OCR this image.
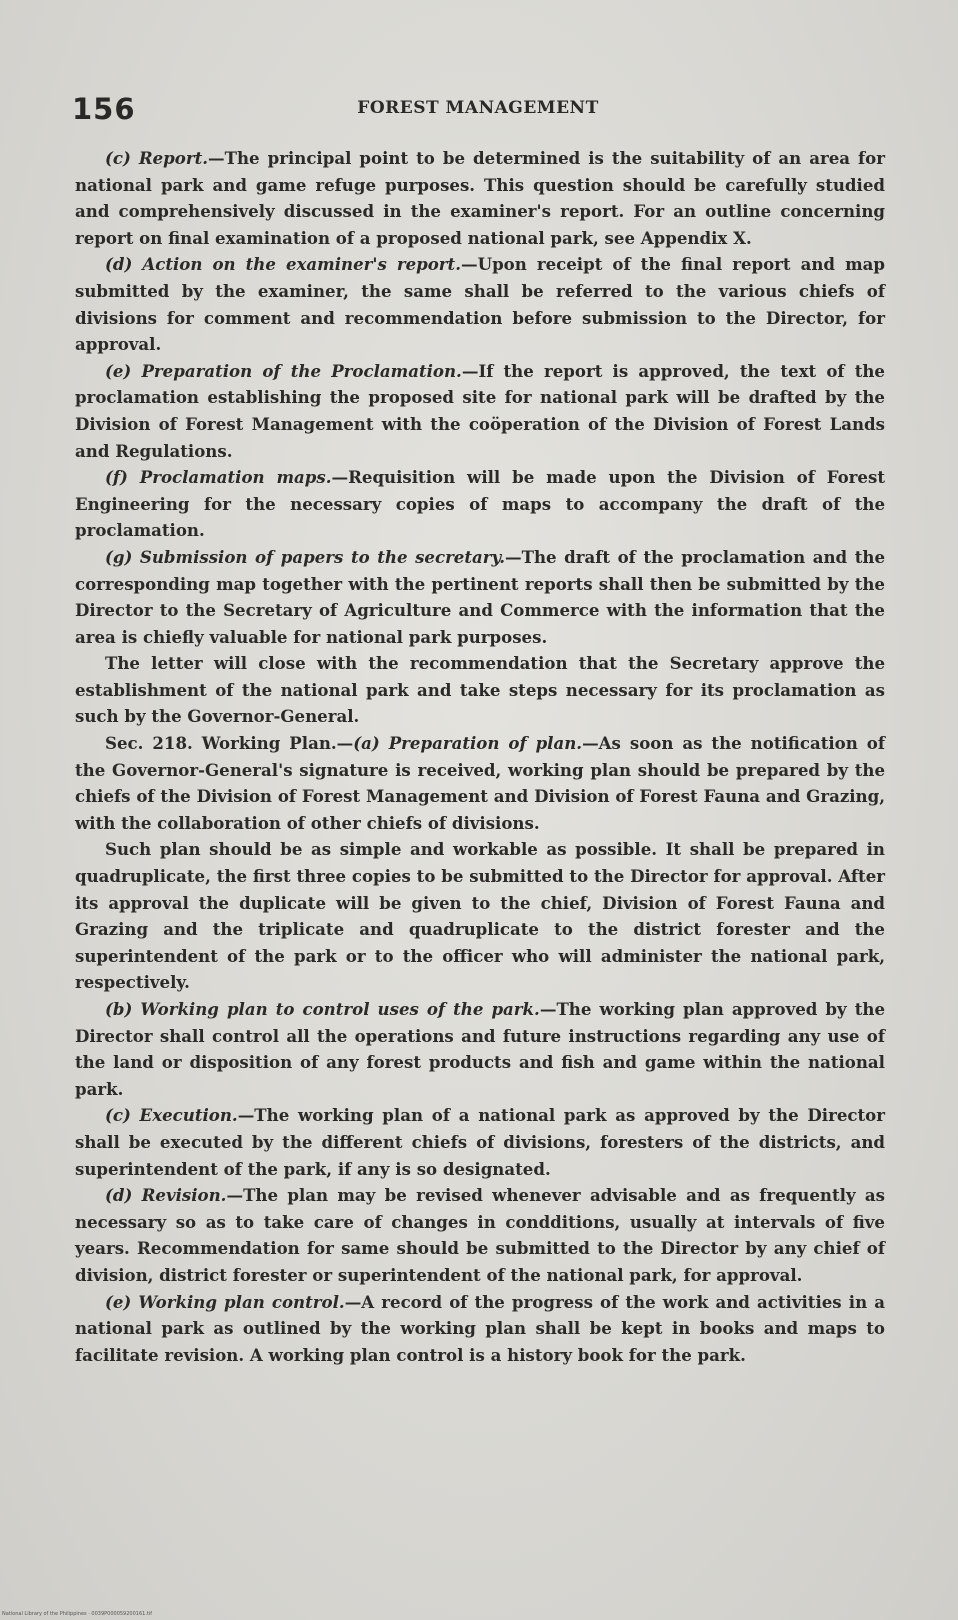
156	FOREST MANAGEMENT

(c) Report.—The principal point to be determined is the suitability of an area for national park and game refuge purposes. This question should be carefully studied and comprehensively discussed in the examiner's report. For an outline concerning report on final examination of a proposed national park, see Appendix X.

(d) Action on the examiner's report.—Upon receipt of the final report and map submitted by the examiner, the same shall be referred to the various chiefs of divisions for comment and recommendation before submission to the Director, for approval.

(e) Preparation of the Proclamation.—If the report is approved, the text of the proclamation establishing the proposed site for national park will be drafted by the Division of Forest Management with the coöperation of the Division of Forest Lands and Regulations.

(f) Proclamation maps.—Requisition will be made upon the Division of Forest Engineering for the necessary copies of maps to accompany the draft of the proclamation.

(g) Submission of papers to the secretary.—The draft of the proclamation and the corresponding map together with the pertinent reports shall then be submitted by the Director to the Secretary of Agriculture and Commerce with the information that the area is chiefly valuable for national park purposes.

The letter will close with the recommendation that the Secretary approve the establishment of the national park and take steps necessary for its proclamation as such by the Governor-General.

Sec. 218. Working Plan.—(a) Preparation of plan.—As soon as the notification of the Governor-General's signature is received, working plan should be prepared by the chiefs of the Division of Forest Management and Division of Forest Fauna and Grazing, with the collaboration of other chiefs of divisions.

Such plan should be as simple and workable as possible. It shall be prepared in quadruplicate, the first three copies to be submitted to the Director for approval. After its approval the duplicate will be given to the chief, Division of Forest Fauna and Grazing and the triplicate and quadruplicate to the district forester and the superintendent of the park or to the officer who will administer the national park, respectively.

(b) Working plan to control uses of the park.—The working plan approved by the Director shall control all the operations and future instructions regarding any use of the land or disposition of any forest products and fish and game within the national park.

(c) Execution.—The working plan of a national park as approved by the Director shall be executed by the different chiefs of divisions, foresters of the districts, and superintendent of the park, if any is so designated.

(d) Revision.—The plan may be revised whenever advisable and as frequently as necessary so as to take care of changes in condditions, usually at intervals of five years. Recommendation for same should be submitted to the Director by any chief of division, district forester or superintendent of the national park, for approval.

(e) Working plan control.—A record of the progress of the work and activities in a national park as outlined by the working plan shall be kept in books and maps to facilitate revision. A working plan control is a history book for the park.

National Library of the Philippines · 0039P000059200161.tif
